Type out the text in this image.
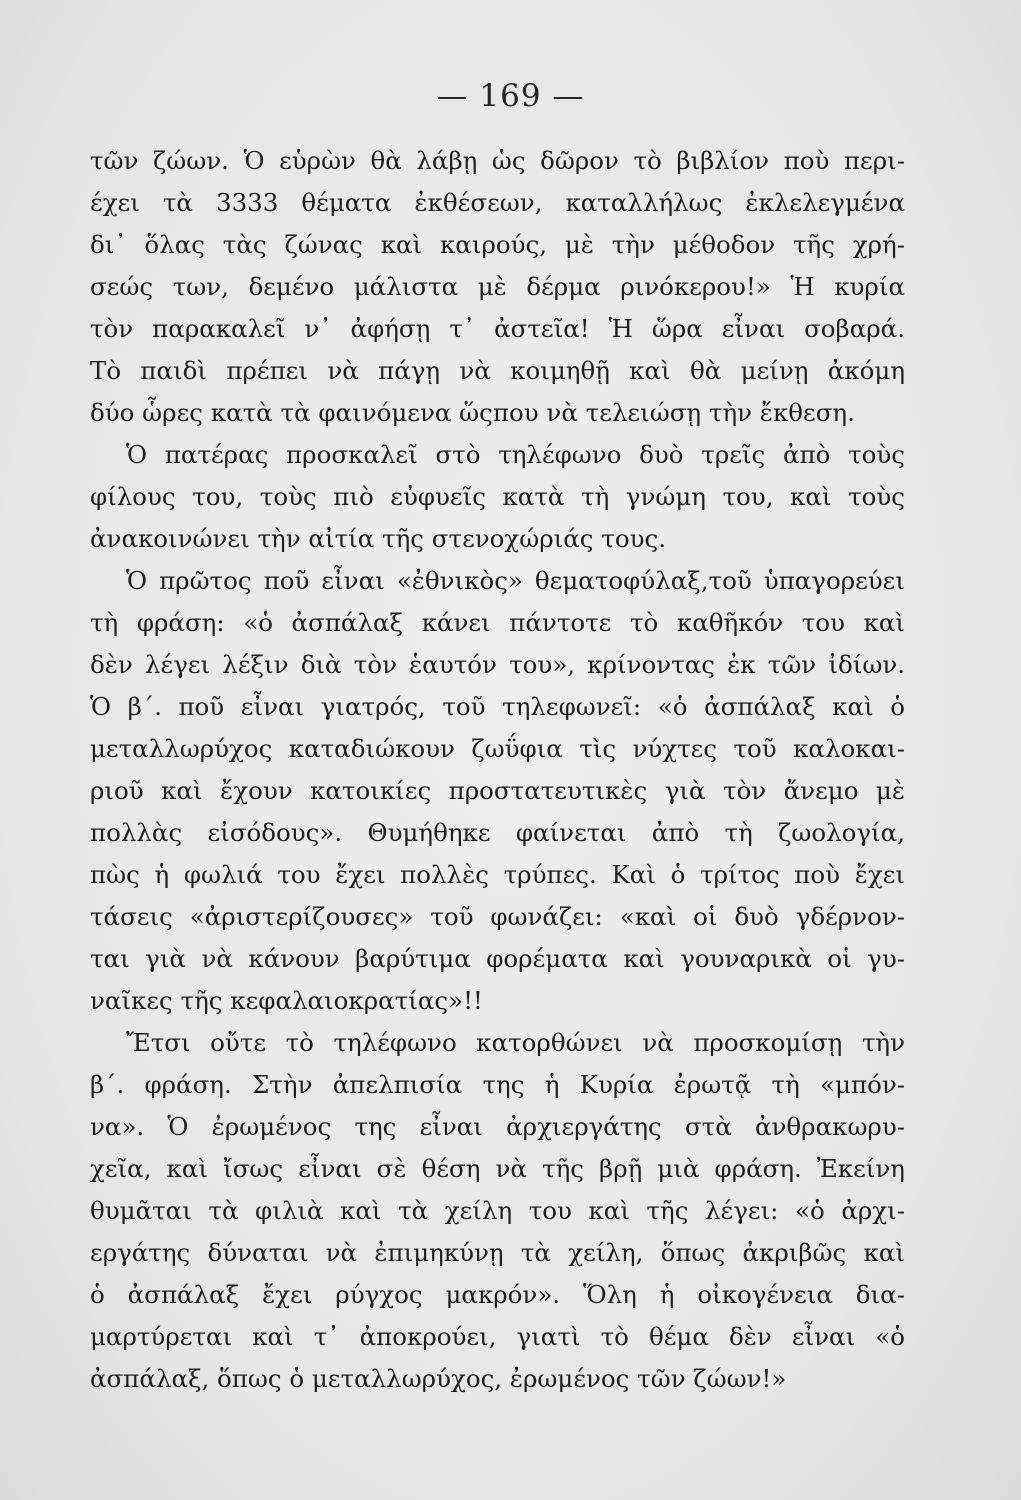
— 169 —
τῶν ζώων. Ὁ εὑρὼν θὰ λάβῃ ὡς δῶρον τὸ βιβλίον ποὺ περι-
έχει τὰ 3333 θέματα ἐκθέσεων, καταλλήλως ἐκλελεγμένα
δι᾿ ὅλας τὰς ζώνας καὶ καιρούς, μὲ τὴν μέθοδον τῆς χρή-
σεώς των, δεμένο μάλιστα μὲ δέρμα ρινόκερου!» Ἡ κυρία
τὸν παρακαλεῖ ν᾿ ἀφήσῃ τ᾿ ἀστεῖα! Ἡ ὥρα εἶναι σοβαρά.
Τὸ παιδὶ πρέπει νὰ πάγῃ νὰ κοιμηθῇ καὶ θὰ μείνῃ ἀκόμη
δύο ὧρες κατὰ τὰ φαινόμενα ὥςπου νὰ τελειώσῃ τὴν ἔκθεση.
Ὁ πατέρας προσκαλεῖ στὸ τηλέφωνο δυὸ τρεῖς ἀπὸ τοὺς
φίλους του, τοὺς πιὸ εὐφυεῖς κατὰ τὴ γνώμη του, καὶ τοὺς
ἀνακοινώνει τὴν αἰτία τῆς στενοχώριάς τους.
Ὁ πρῶτος ποῦ εἶναι «ἐθνικὸς» θεματοφύλαξ,τοῦ ὑπαγορεύει
τὴ φράση: «ὁ ἀσπάλαξ κάνει πάντοτε τὸ καθῆκόν του καὶ
δὲν λέγει λέξιν διὰ τὸν ἑαυτόν του», κρίνοντας ἐκ τῶν ἰδίων.
Ὁ β΄. ποῦ εἶναι γιατρός, τοῦ τηλεφωνεῖ: «ὁ ἀσπάλαξ καὶ ὁ
μεταλλωρύχος καταδιώκουν ζωΰφια τὶς νύχτες τοῦ καλοκαι-
ριοῦ καὶ ἔχουν κατοικίες προστατευτικὲς γιὰ τὸν ἄνεμο μὲ
πολλὰς εἰσόδους». Θυμήθηκε φαίνεται ἀπὸ τὴ ζωολογία,
πὼς ἡ φωλιά του ἔχει πολλὲς τρύπες. Καὶ ὁ τρίτος ποὺ ἔχει
τάσεις «ἀριστερίζουσες» τοῦ φωνάζει: «καὶ οἱ δυὸ γδέρνον-
ται γιὰ νὰ κάνουν βαρύτιμα φορέματα καὶ γουναρικὰ οἱ γυ-
ναῖκες τῆς κεφαλαιοκρατίας»!!
Ἔτσι οὔτε τὸ τηλέφωνο κατορθώνει νὰ προσκομίσῃ τὴν
β΄. φράση. Στὴν ἀπελπισία της ἡ Κυρία ἐρωτᾷ τὴ «μπόν-
να». Ὁ ἐρωμένος της εἶναι ἀρχιεργάτης στὰ ἀνθρακωρυ-
χεῖα, καὶ ἴσως εἶναι σὲ θέση νὰ τῆς βρῇ μιὰ φράση. Ἐκείνη
θυμᾶται τὰ φιλιὰ καὶ τὰ χείλη του καὶ τῆς λέγει: «ὁ ἀρχι-
εργάτης δύναται νὰ ἐπιμηκύνῃ τὰ χείλη, ὅπως ἀκριβῶς καὶ
ὁ ἀσπάλαξ ἔχει ρύγχος μακρόν». Ὅλη ἡ οἰκογένεια δια-
μαρτύρεται καὶ τ᾿ ἀποκρούει, γιατὶ τὸ θέμα δὲν εἶναι «ὁ
ἀσπάλαξ, ὅπως ὁ μεταλλωρύχος, ἐρωμένος τῶν ζώων!»
